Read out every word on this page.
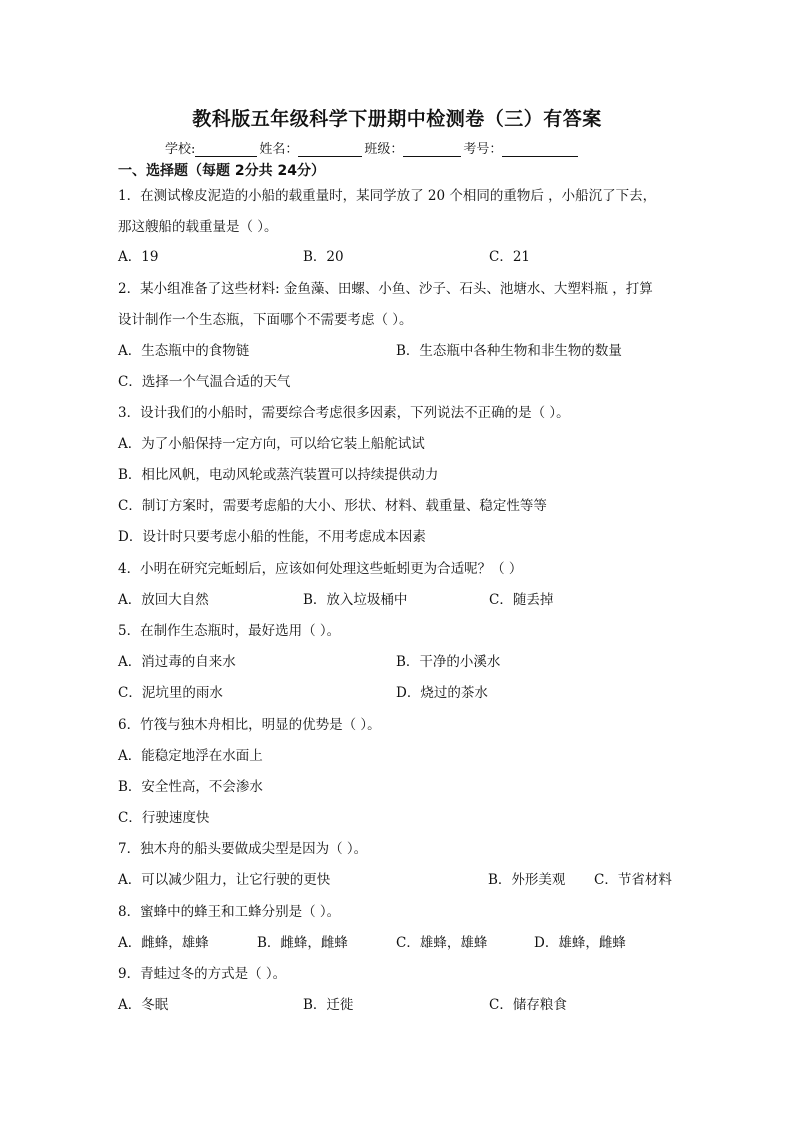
教科版五年级科学下册期中检测卷（三）有答案
学校:	姓名：	班级：	考号：
一、选择题（每题 2分共 24分）
1．在测试橡皮泥造的小船的载重量时，某同学放了 20 个相同的重物后 ，小船沉了下去，
那这艘船的载重量是（ ）。
A．19	B．20	C．21
2．某小组准备了这些材料: 金鱼藻、田螺、小鱼、沙子、石头、池塘水、大塑料瓶 ，打算
设计制作一个生态瓶，下面哪个不需要考虑（ ）。
A．生态瓶中的食物链	B．生态瓶中各种生物和非生物的数量
C．选择一个气温合适的天气
3．设计我们的小船时，需要综合考虑很多因素，下列说法不正确的是（ ）。
A．为了小船保持一定方向，可以给它装上船舵试试
B．相比风帆，电动风轮或蒸汽装置可以持续提供动力
C．制订方案时，需要考虑船的大小、形状、材料、载重量、稳定性等等
D．设计时只要考虑小船的性能，不用考虑成本因素
4．小明在研究完蚯蚓后，应该如何处理这些蚯蚓更为合适呢？（ ）
A．放回大自然	B．放入垃圾桶中	C．随丢掉
5．在制作生态瓶时，最好选用（ ）。
A．消过毒的自来水	B．干净的小溪水
C．泥坑里的雨水	D．烧过的茶水
6．竹筏与独木舟相比，明显的优势是（ ）。
A．能稳定地浮在水面上
B．安全性高，不会渗水
C．行驶速度快
7．独木舟的船头要做成尖型是因为（ ）。
A．可以减少阻力，让它行驶的更快	B．外形美观 C．节省材料
8．蜜蜂中的蜂王和工蜂分别是（ ）。
A．雌蜂，雄蜂	B．雌蜂，雌蜂	C．雄蜂，雄蜂	D．雄蜂，雌蜂
9．青蛙过冬的方式是（ ）。
A．冬眠	B．迁徙	C．储存粮食
